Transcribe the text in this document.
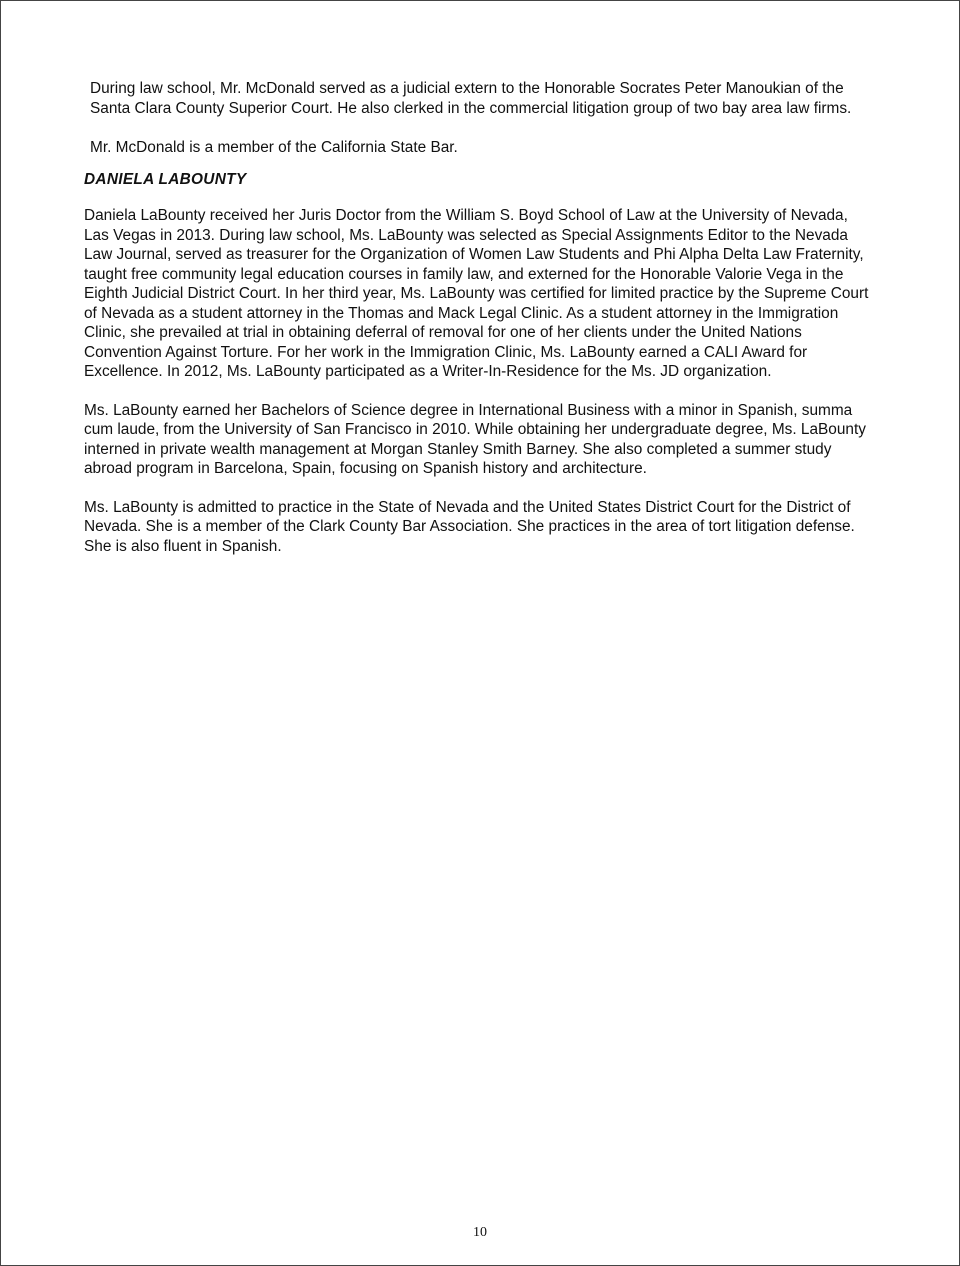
During law school, Mr. McDonald served as a judicial extern to the Honorable Socrates Peter Manoukian of the Santa Clara County Superior Court. He also clerked in the commercial litigation group of two bay area law firms.

Mr. McDonald is a member of the California State Bar.

DANIELA LABOUNTY

Daniela LaBounty received her Juris Doctor from the William S. Boyd School of Law at the University of Nevada, Las Vegas in 2013. During law school, Ms. LaBounty was selected as Special Assignments Editor to the Nevada Law Journal, served as treasurer for the Organization of Women Law Students and Phi Alpha Delta Law Fraternity, taught free community legal education courses in family law, and externed for the Honorable Valorie Vega in the Eighth Judicial District Court. In her third year, Ms. LaBounty was certified for limited practice by the Supreme Court of Nevada as a student attorney in the Thomas and Mack Legal Clinic. As a student attorney in the Immigration Clinic, she prevailed at trial in obtaining deferral of removal for one of her clients under the United Nations Convention Against Torture. For her work in the Immigration Clinic, Ms. LaBounty earned a CALI Award for Excellence. In 2012, Ms. LaBounty participated as a Writer-In-Residence for the Ms. JD organization.

Ms. LaBounty earned her Bachelors of Science degree in International Business with a minor in Spanish, summa cum laude, from the University of San Francisco in 2010. While obtaining her undergraduate degree, Ms. LaBounty interned in private wealth management at Morgan Stanley Smith Barney. She also completed a summer study abroad program in Barcelona, Spain, focusing on Spanish history and architecture.

Ms. LaBounty is admitted to practice in the State of Nevada and the United States District Court for the District of Nevada. She is a member of the Clark County Bar Association. She practices in the area of tort litigation defense. She is also fluent in Spanish.

10
